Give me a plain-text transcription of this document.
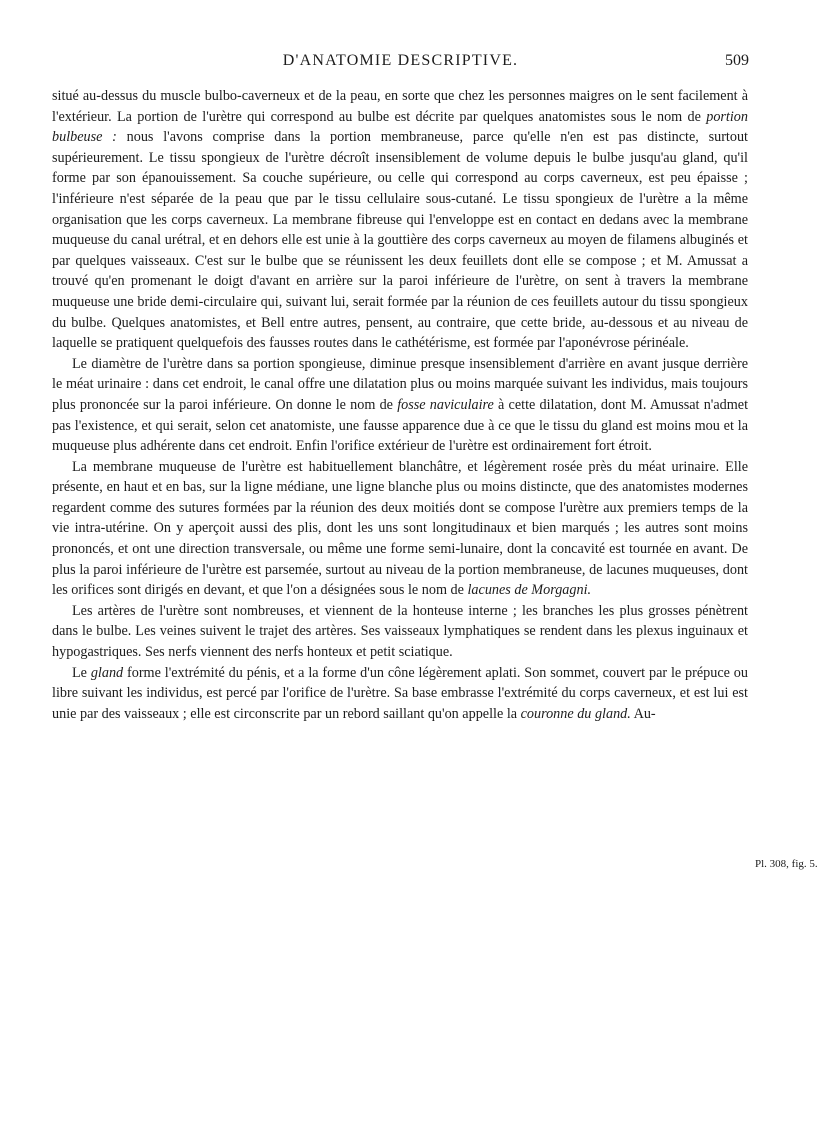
D'ANATOMIE DESCRIPTIVE.	509

situé au-dessus du muscle bulbo-caverneux et de la peau, en sorte que chez les personnes maigres on le sent facilement à l'extérieur. La portion de l'urètre qui correspond au bulbe est décrite par quelques anatomistes sous le nom de portion bulbeuse : nous l'avons comprise dans la portion membraneuse, parce qu'elle n'en est pas distincte, surtout supérieurement. Le tissu spongieux de l'urètre décroît insensiblement de volume depuis le bulbe jusqu'au gland, qu'il forme par son épanouissement. Sa couche supérieure, ou celle qui correspond au corps caverneux, est peu épaisse ; l'inférieure n'est séparée de la peau que par le tissu cellulaire sous-cutané. Le tissu spongieux de l'urètre a la même organisation que les corps caverneux. La membrane fibreuse qui l'enveloppe est en contact en dedans avec la membrane muqueuse du canal urétral, et en dehors elle est unie à la gouttière des corps caverneux au moyen de filamens albuginés et par quelques vaisseaux. C'est sur le bulbe que se réunissent les deux feuillets dont elle se compose ; et M. Amussat a trouvé qu'en promenant le doigt d'avant en arrière sur la paroi inférieure de l'urètre, on sent à travers la membrane muqueuse une bride demi-circulaire qui, suivant lui, serait formée par la réunion de ces feuillets autour du tissu spongieux du bulbe. Quelques anatomistes, et Bell entre autres, pensent, au contraire, que cette bride, au-dessous et au niveau de laquelle se pratiquent quelquefois des fausses routes dans le cathétérisme, est formée par l'aponévrose périnéale.

Le diamètre de l'urètre dans sa portion spongieuse, diminue presque insensiblement d'arrière en avant jusque derrière le méat urinaire : dans cet endroit, le canal offre une dilatation plus ou moins marquée suivant les individus, mais toujours plus prononcée sur la paroi inférieure. On donne le nom de fosse naviculaire à cette dilatation, dont M. Amussat n'admet pas l'existence, et qui serait, selon cet anatomiste, une fausse apparence due à ce que le tissu du gland est moins mou et la muqueuse plus adhérente dans cet endroit. Enfin l'orifice extérieur de l'urètre est ordinairement fort étroit.

La membrane muqueuse de l'urètre est habituellement blanchâtre, et légèrement rosée près du méat urinaire. Elle présente, en haut et en bas, sur la ligne médiane, une ligne blanche plus ou moins distincte, que des anatomistes modernes regardent comme des sutures formées par la réunion des deux moitiés dont se compose l'urètre aux premiers temps de la vie intra-utérine. On y aperçoit aussi des plis, dont les uns sont longitudinaux et bien marqués ; les autres sont moins prononcés, et ont une direction transversale, ou même une forme semi-lunaire, dont la concavité est tournée en avant. De plus la paroi inférieure de l'urètre est parsemée, surtout au niveau de la portion membraneuse, de lacunes muqueuses, dont les orifices sont dirigés en devant, et que l'on a désignées sous le nom de lacunes de Morgagni.

Les artères de l'urètre sont nombreuses, et viennent de la honteuse interne ; les branches les plus grosses pénètrent dans le bulbe. Les veines suivent le trajet des artères. Ses vaisseaux lymphatiques se rendent dans les plexus inguinaux et hypogastriques. Ses nerfs viennent des nerfs honteux et petit sciatique.

Le gland forme l'extrémité du pénis, et a la forme d'un cône légèrement aplati. Son sommet, couvert par le prépuce ou libre suivant les individus, est percé par l'orifice de l'urètre. Sa base embrasse l'extrémité du corps caverneux, et est lui est unie par des vaisseaux ; elle est circonscrite par un rebord saillant qu'on appelle la couronne du gland. Au-

Pl. 308, fig. 5.
